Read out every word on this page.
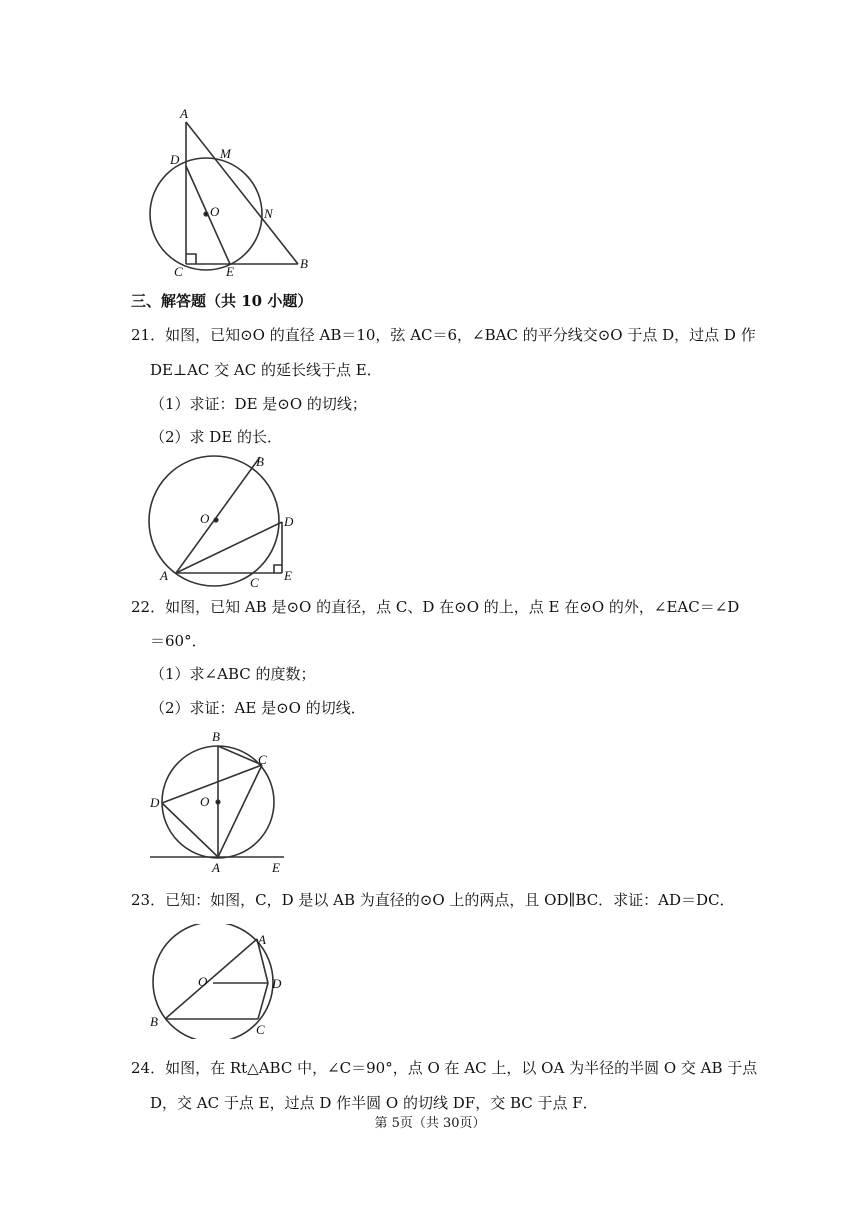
A
D	M
O	N
C	E
B
三、解答题（共 10 小题）
21．如图，已知⊙O 的直径 AB＝10，弦 AC＝6，∠BAC 的平分线交⊙O 于点 D，过点 D 作
DE⊥AC 交 AC 的延长线于点 E．
（1）求证：DE 是⊙O 的切线；
（2）求 DE 的长．
B
O	D
A	C E
22．如图，已知 AB 是⊙O 的直径，点 C、D 在⊙O 的上，点 E 在⊙O 的外，∠EAC＝∠D
＝60°．
（1）求∠ABC 的度数；
（2）求证：AE 是⊙O 的切线．
B
C
D	O
A	E
23．已知：如图，C，D 是以 AB 为直径的⊙O 上的两点，且 OD∥BC．求证：AD＝DC．
A
O	D
B
C
24．如图，在 Rt△ABC 中，∠C＝90°，点 O 在 AC 上，以 OA 为半径的半圆 O 交 AB 于点
D，交 AC 于点 E，过点 D 作半圆 O 的切线 DF，交 BC 于点 F．
第 5页（共 30页）
